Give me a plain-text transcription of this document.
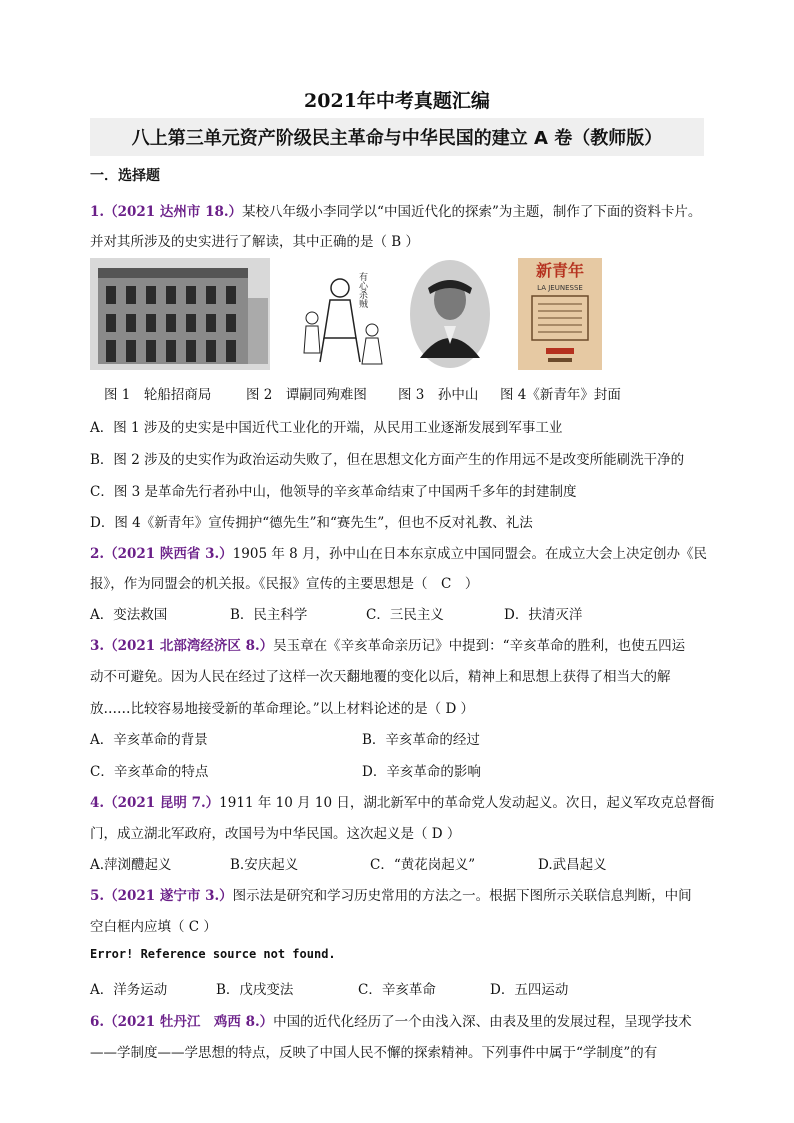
2021年中考真题汇编
八上第三单元资产阶级民主革命与中华民国的建立 A 卷（教师版）
一．选择题
1.（2021 达州市 18.）某校八年级小李同学以“中国近代化的探索”为主题，制作了下面的资料卡片。
并对其所涉及的史实进行了解读，其中正确的是（ B ）
有心杀贼
新青年
LA JEUNESSE
图 1　轮船招商局	图 2　谭嗣同殉难图 图 3　孙中山 图 4《新青年》封面
A．图 1 涉及的史实是中国近代工业化的开端，从民用工业逐渐发展到军事工业
B．图 2 涉及的史实作为政治运动失败了，但在思想文化方面产生的作用远不是改变所能刷洗干净的
C．图 3 是革命先行者孙中山，他领导的辛亥革命结束了中国两千多年的封建制度
D．图 4《新青年》宣传拥护“德先生”和“赛先生”，但也不反对礼教、礼法
2.（2021 陕西省 3.）1905 年 8 月，孙中山在日本东京成立中国同盟会。在成立大会上决定创办《民
报》，作为同盟会的机关报。《民报》宣传的主要思想是（　C　）
A．变法救国	B．民主科学	C．三民主义	D．扶清灭洋
3.（2021 北部湾经济区 8.）吴玉章在《辛亥革命亲历记》中提到：“辛亥革命的胜利，也使五四运
动不可避免。因为人民在经过了这样一次天翻地覆的变化以后，精神上和思想上获得了相当大的解
放……比较容易地接受新的革命理论。”以上材料论述的是（ D ）
A．辛亥革命的背景	B．辛亥革命的经过
C．辛亥革命的特点	D．辛亥革命的影响
4.（2021 昆明 7.）1911 年 10 月 10 日，湖北新军中的革命党人发动起义。次日，起义军攻克总督衙
门，成立湖北军政府，改国号为中华民国。这次起义是（ D ）
A.萍浏醴起义	B.安庆起义	C．“黄花岗起义”	D.武昌起义
5.（2021 遂宁市 3.）图示法是研究和学习历史常用的方法之一。根据下图所示关联信息判断，中间
空白框内应填（ C ）
Error! Reference source not found.
A．洋务运动	B．戊戌变法	C．辛亥革命	D．五四运动
6.（2021 牡丹江　鸡西 8.）中国的近代化经历了一个由浅入深、由表及里的发展过程，呈现学技术
——学制度——学思想的特点，反映了中国人民不懈的探索精神。下列事件中属于“学制度”的有
